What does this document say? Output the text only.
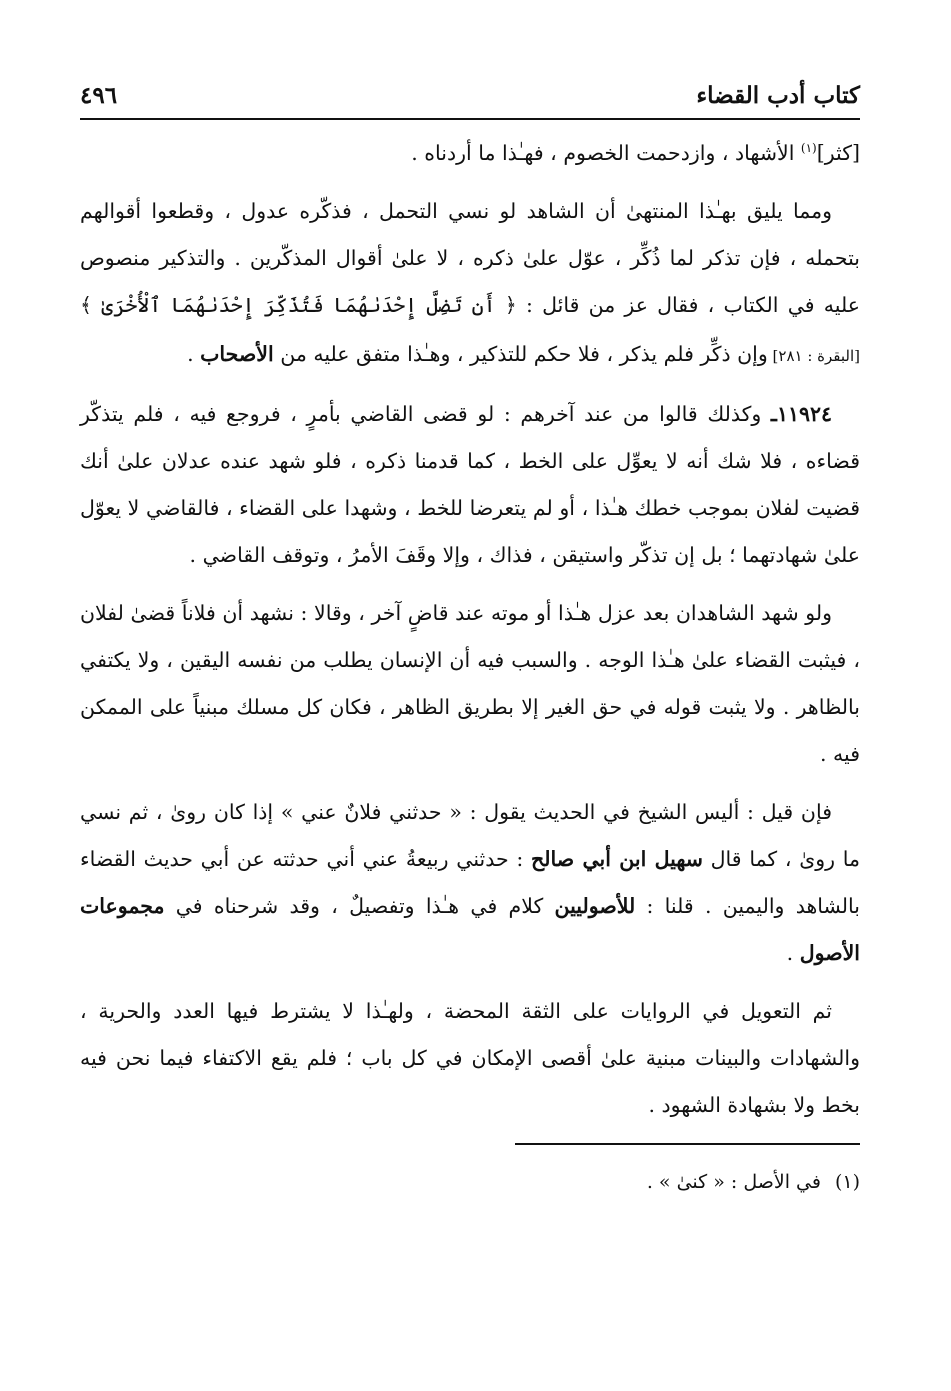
كتاب أدب القضاء
٤٩٦

[كثر]$^{(١)}$ الأشهاد ، وازدحمت الخصوم ، فهـٰذا ما أردناه .

ومما يليق بهـٰذا المنتهىٰ أن الشاهد لو نسي التحمل ، فذكّره عدول ، وقطعوا أقوالهم بتحمله ، فإن تذكر لما ذُكِّر ، عوّل علىٰ ذكره ، لا علىٰ أقوال المذكّرين . والتذكير منصوص عليه في الكتاب ، فقال عز من قائل : ﴿ أَن تَضِلَّ إِحْدَىٰهُمَا فَتُذَكِّرَ إِحْدَىٰهُمَا ٱلْأُخْرَىٰ ﴾ [البقرة : ٢٨١] وإن ذكِّر فلم يذكر ، فلا حكم للتذكير ، وهـٰذا متفق عليه من الأصحاب .

١١٩٢٤ـ وكذلك قالوا من عند آخرهم : لو قضى القاضي بأمرٍ ، فروجع فيه ، فلم يتذكّر قضاءه ، فلا شك أنه لا يعوِّل على الخط ، كما قدمنا ذكره ، فلو شهد عنده عدلان علىٰ أنك قضيت لفلان بموجب خطك هـٰذا ، أو لم يتعرضا للخط ، وشهدا على القضاء ، فالقاضي لا يعوّل علىٰ شهادتهما ؛ بل إن تذكّر واستيقن ، فذاك ، وإلا وقَفَ الأمرُ ، وتوقف القاضي .

ولو شهد الشاهدان بعد عزل هـٰذا أو موته عند قاضٍ آخر ، وقالا : نشهد أن فلاناً قضىٰ لفلان ، فيثبت القضاء علىٰ هـٰذا الوجه . والسبب فيه أن الإنسان يطلب من نفسه اليقين ، ولا يكتفي بالظاهر . ولا يثبت قوله في حق الغير إلا بطريق الظاهر ، فكان كل مسلك مبنياً على الممكن فيه .

فإن قيل : أليس الشيخ في الحديث يقول : « حدثني فلانٌ عني » إذا كان روىٰ ، ثم نسي ما روىٰ ، كما قال سهيل ابن أبي صالح : حدثني ربيعةُ عني أني حدثته عن أبي حديث القضاء بالشاهد واليمين . قلنا : للأصوليين كلام في هـٰذا وتفصيلٌ ، وقد شرحناه في مجموعات الأصول .

ثم التعويل في الروايات على الثقة المحضة ، ولهـٰذا لا يشترط فيها العدد والحرية ، والشهادات والبينات مبنية علىٰ أقصى الإمكان في كل باب ؛ فلم يقع الاكتفاء فيما نحن فيه بخط ولا بشهادة الشهود .

(١)في الأصل : « كنىٰ » .
